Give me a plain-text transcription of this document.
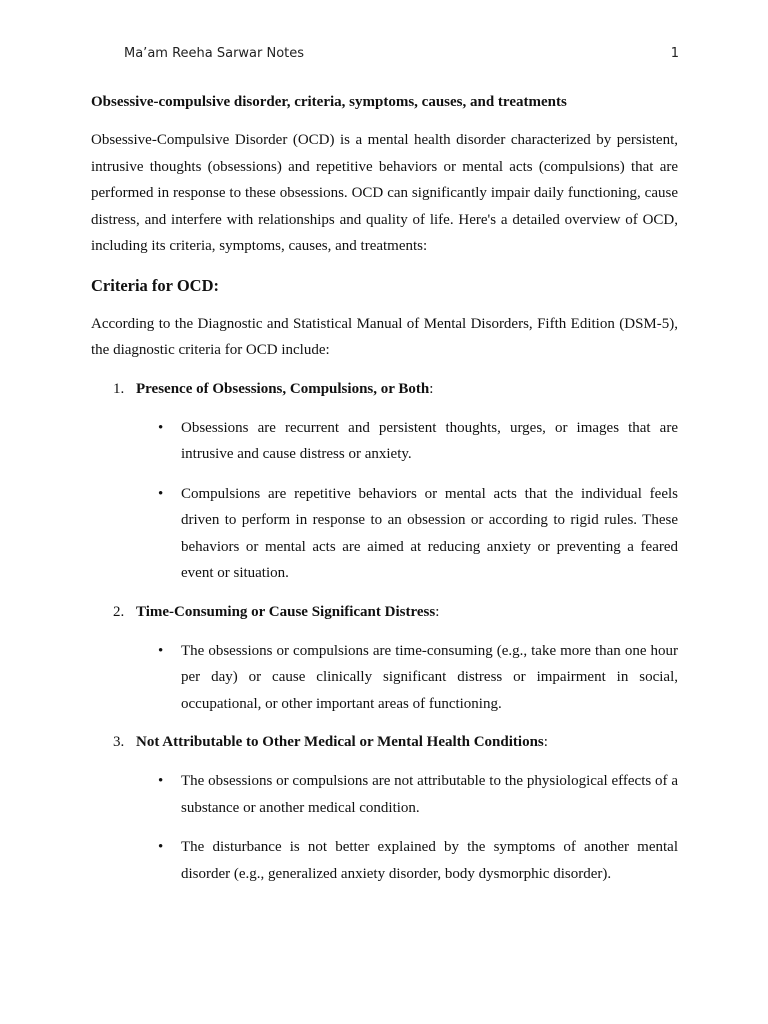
Ma’am Reeha Sarwar Notes	1

Obsessive-compulsive disorder, criteria, symptoms, causes, and treatments

Obsessive-Compulsive Disorder (OCD) is a mental health disorder characterized by persistent, intrusive thoughts (obsessions) and repetitive behaviors or mental acts (compulsions) that are performed in response to these obsessions. OCD can significantly impair daily functioning, cause distress, and interfere with relationships and quality of life. Here's a detailed overview of OCD, including its criteria, symptoms, causes, and treatments:

Criteria for OCD:

According to the Diagnostic and Statistical Manual of Mental Disorders, Fifth Edition (DSM-5), the diagnostic criteria for OCD include:

1. Presence of Obsessions, Compulsions, or Both:
• Obsessions are recurrent and persistent thoughts, urges, or images that are intrusive and cause distress or anxiety.
• Compulsions are repetitive behaviors or mental acts that the individual feels driven to perform in response to an obsession or according to rigid rules. These behaviors or mental acts are aimed at reducing anxiety or preventing a feared event or situation.
2. Time-Consuming or Cause Significant Distress:
• The obsessions or compulsions are time-consuming (e.g., take more than one hour per day) or cause clinically significant distress or impairment in social, occupational, or other important areas of functioning.
3. Not Attributable to Other Medical or Mental Health Conditions:
• The obsessions or compulsions are not attributable to the physiological effects of a substance or another medical condition.
• The disturbance is not better explained by the symptoms of another mental disorder (e.g., generalized anxiety disorder, body dysmorphic disorder).
